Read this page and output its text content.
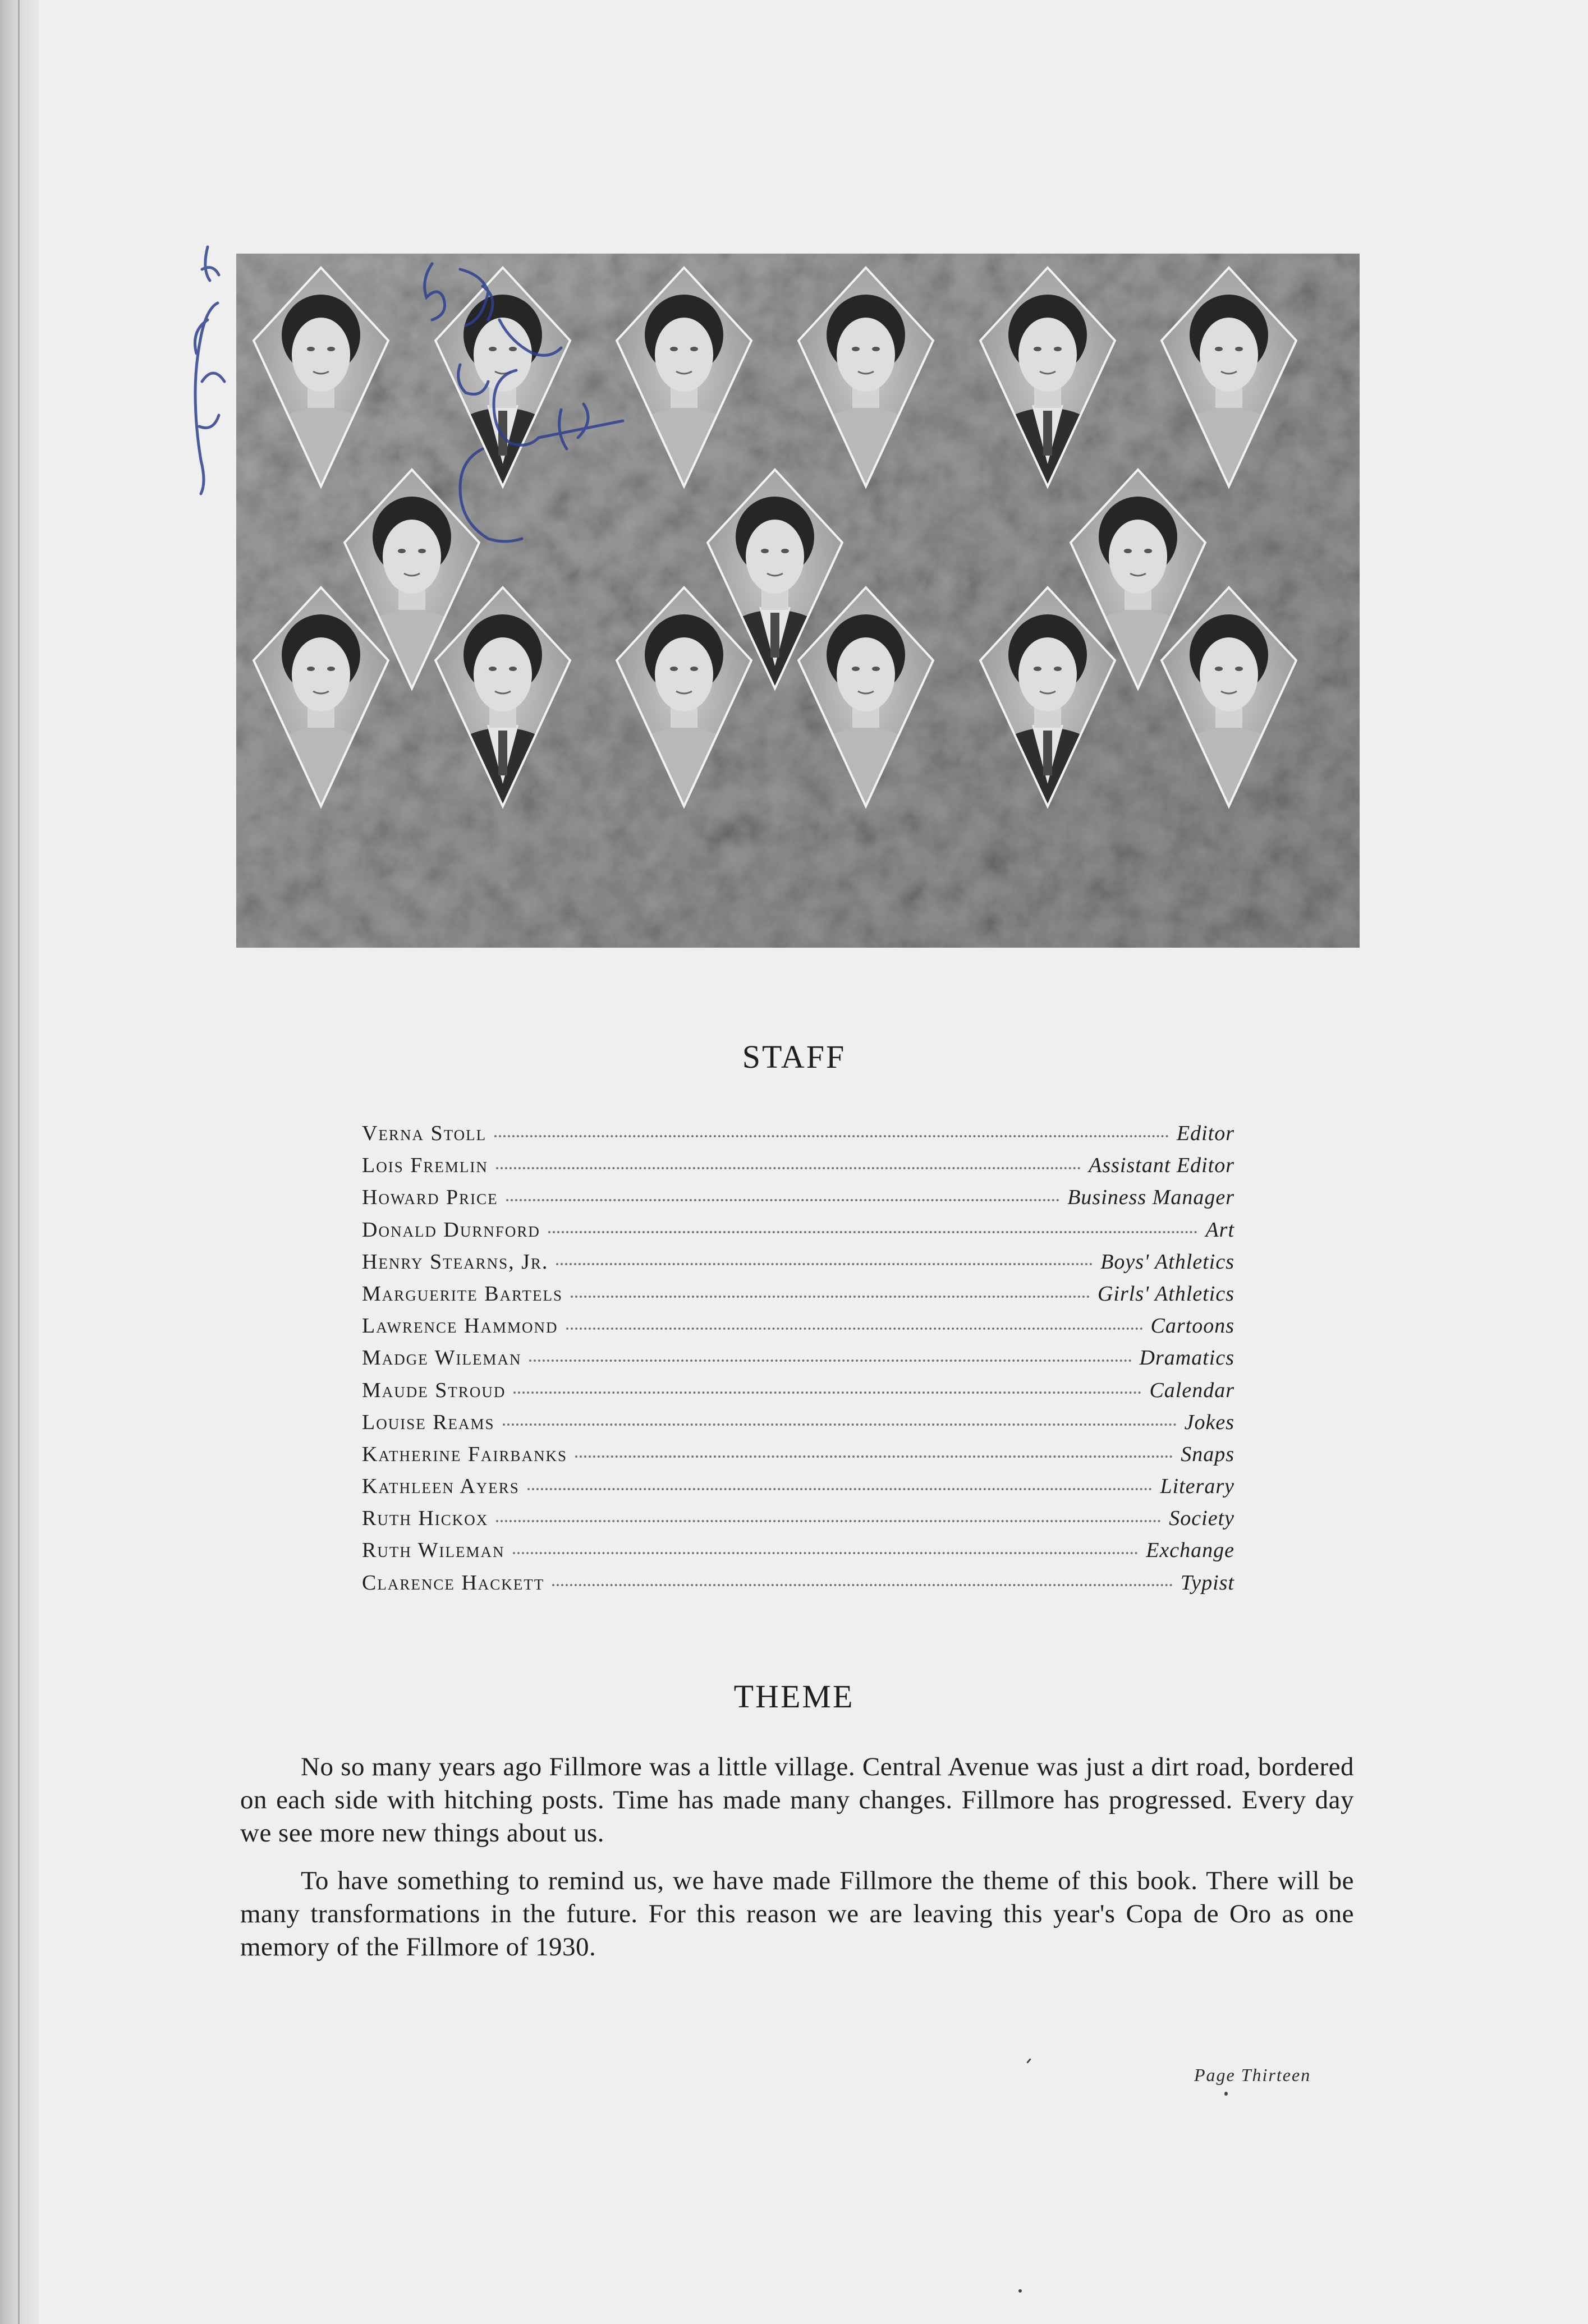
STAFF
Verna Stoll	Editor
Lois Fremlin	Assistant Editor
Howard Price	Business Manager
Donald Durnford	Art
Henry Stearns, Jr.	Boys' Athletics
Marguerite Bartels	Girls' Athletics
Lawrence Hammond	Cartoons
Madge Wileman	Dramatics
Maude Stroud	Calendar
Louise Reams	Jokes
Katherine Fairbanks	Snaps
Kathleen Ayers	Literary
Ruth Hickox	Society
Ruth Wileman	Exchange
Clarence Hackett	Typist
THEME

No so many years ago Fillmore was a little village. Central Avenue was just a dirt road, bordered on each side with hitching posts. Time has made many changes. Fillmore has progressed. Every day we see more new things about us.

To have something to remind us, we have made Fillmore the theme of this book. There will be many transformations in the future. For this reason we are leaving this year's Copa de Oro as one memory of the Fillmore of 1930.

Page Thirteen
